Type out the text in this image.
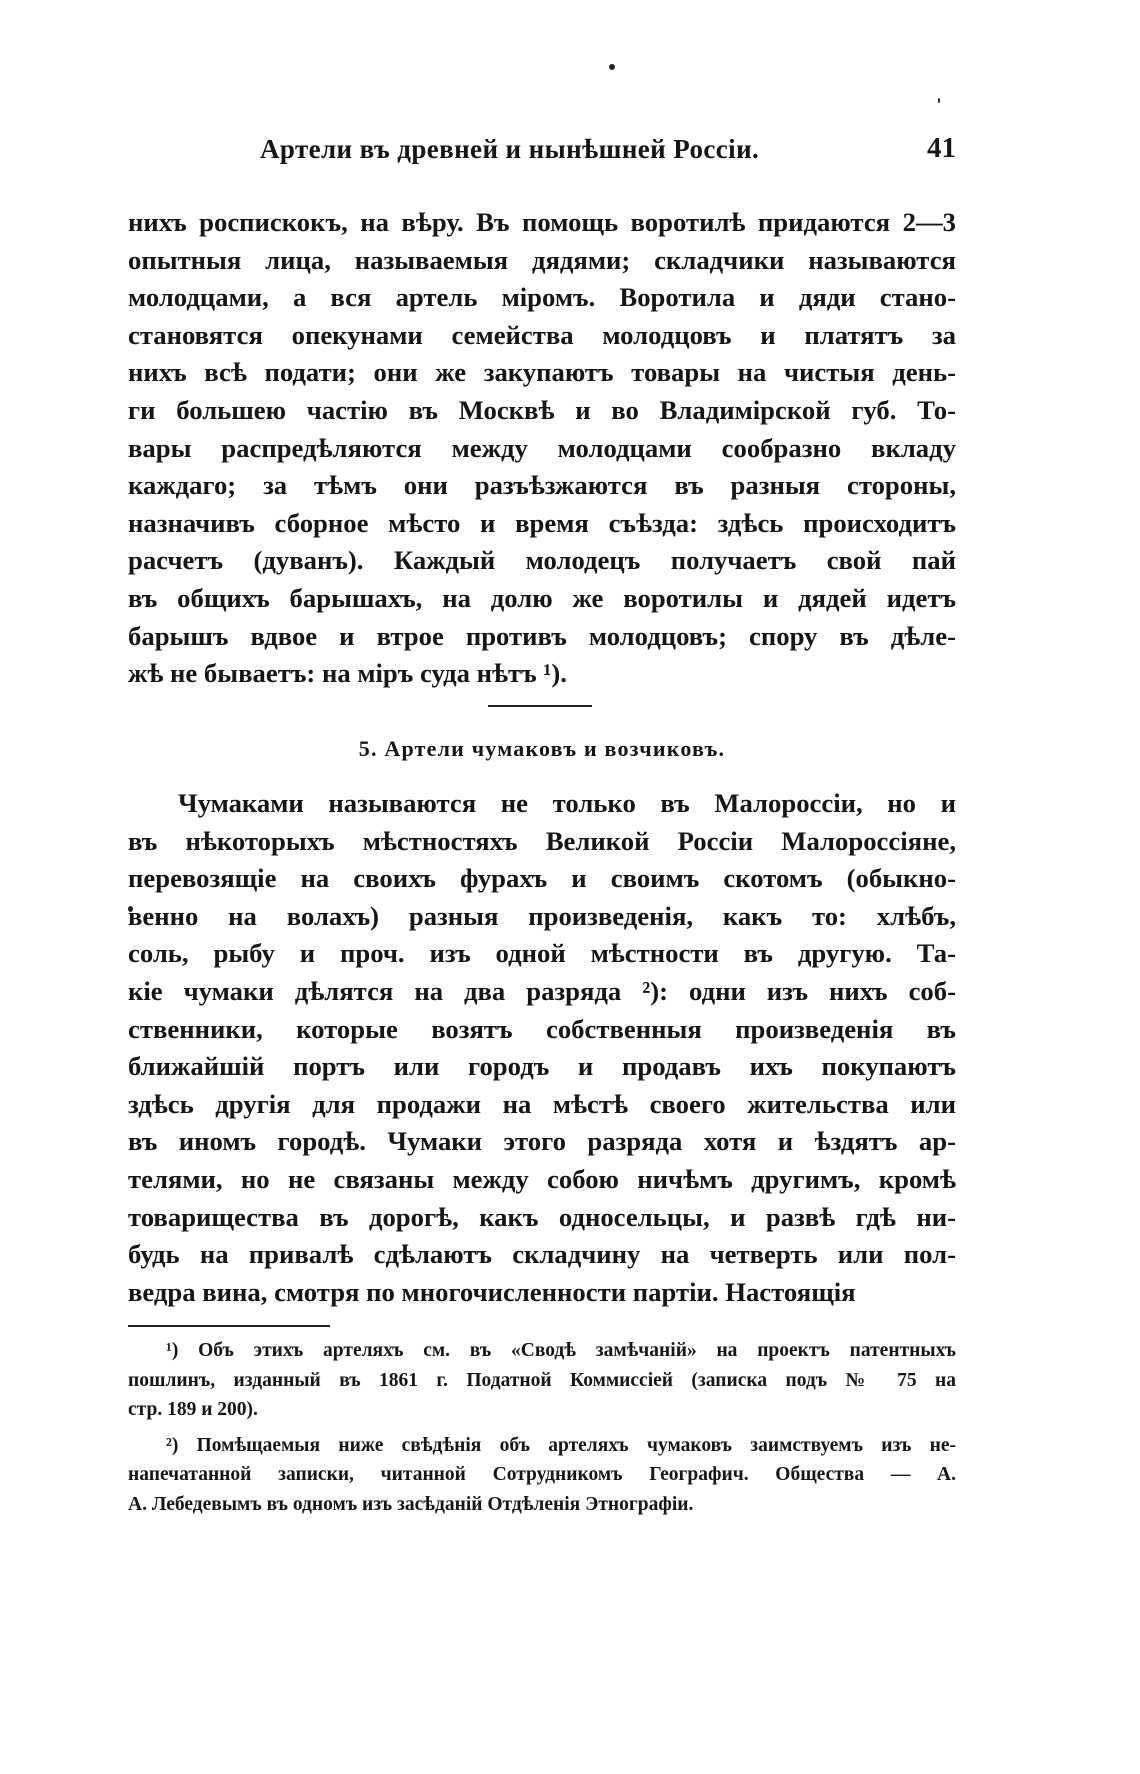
Артели въ древней и нынѣшней Россіи.	41
нихъ роспискокъ, на вѣру. Въ помощь воротилѣ придаются 2—3
опытныя лица, называемыя дядями; складчики называются
молодцами, а вся артель міромъ. Воротила и дяди стано-
становятся опекунами семейства молодцовъ и платятъ за
нихъ всѣ подати; они же закупаютъ товары на чистыя день-
ги большею частію въ Москвѣ и во Владимірской губ. То-
вары распредѣляются между молодцами сообразно вкладу
каждаго; за тѣмъ они разъѣзжаются въ разныя стороны,
назначивъ сборное мѣсто и время съѣзда: здѣсь происходитъ
расчетъ (дуванъ). Каждый молодецъ получаетъ свой пай
въ общихъ барышахъ, на долю же воротилы и дядей идетъ
барышъ вдвое и втрое противъ молодцовъ; спору въ дѣле-
жѣ не бываетъ: на міръ суда нѣтъ ¹).
5. Артели чумаковъ и возчиковъ.
Чумаками называются не только въ Малороссіи, но и
въ нѣкоторыхъ мѣстностяхъ Великой Россіи Малороссіяне,
перевозящіе на своихъ фурахъ и своимъ скотомъ (обыкно-
венно на волахъ) разныя произведенія, какъ то: хлѣбъ,
соль, рыбу и проч. изъ одной мѣстности въ другую. Та-
кіе чумаки дѣлятся на два разряда ²): одни изъ нихъ соб-
ственники, которые возятъ собственныя произведенія въ
ближайшій портъ или городъ и продавъ ихъ покупаютъ
здѣсь другія для продажи на мѣстѣ своего жительства или
въ иномъ городѣ. Чумаки этого разряда хотя и ѣздятъ ар-
телями, но не связаны между собою ничѣмъ другимъ, кромѣ
товарищества въ дорогѣ, какъ односельцы, и развѣ гдѣ ни-
будь на привалѣ сдѣлаютъ складчину на четверть или пол-
ведра вина, смотря по многочисленности партіи. Настоящія
¹) Объ этихъ артеляхъ см. въ «Сводѣ замѣчаній» на проектъ патентныхъ
пошлинъ, изданный въ 1861 г. Податной Коммиссіей (записка подъ № 75 на
стр. 189 и 200).
²) Помѣщаемыя ниже свѣдѣнія объ артеляхъ чумаковъ заимствуемъ изъ не-
напечатанной записки, читанной Сотрудникомъ Географич. Общества — А.
А. Лебедевымъ въ одномъ изъ засѣданій Отдѣленія Этнографіи.
